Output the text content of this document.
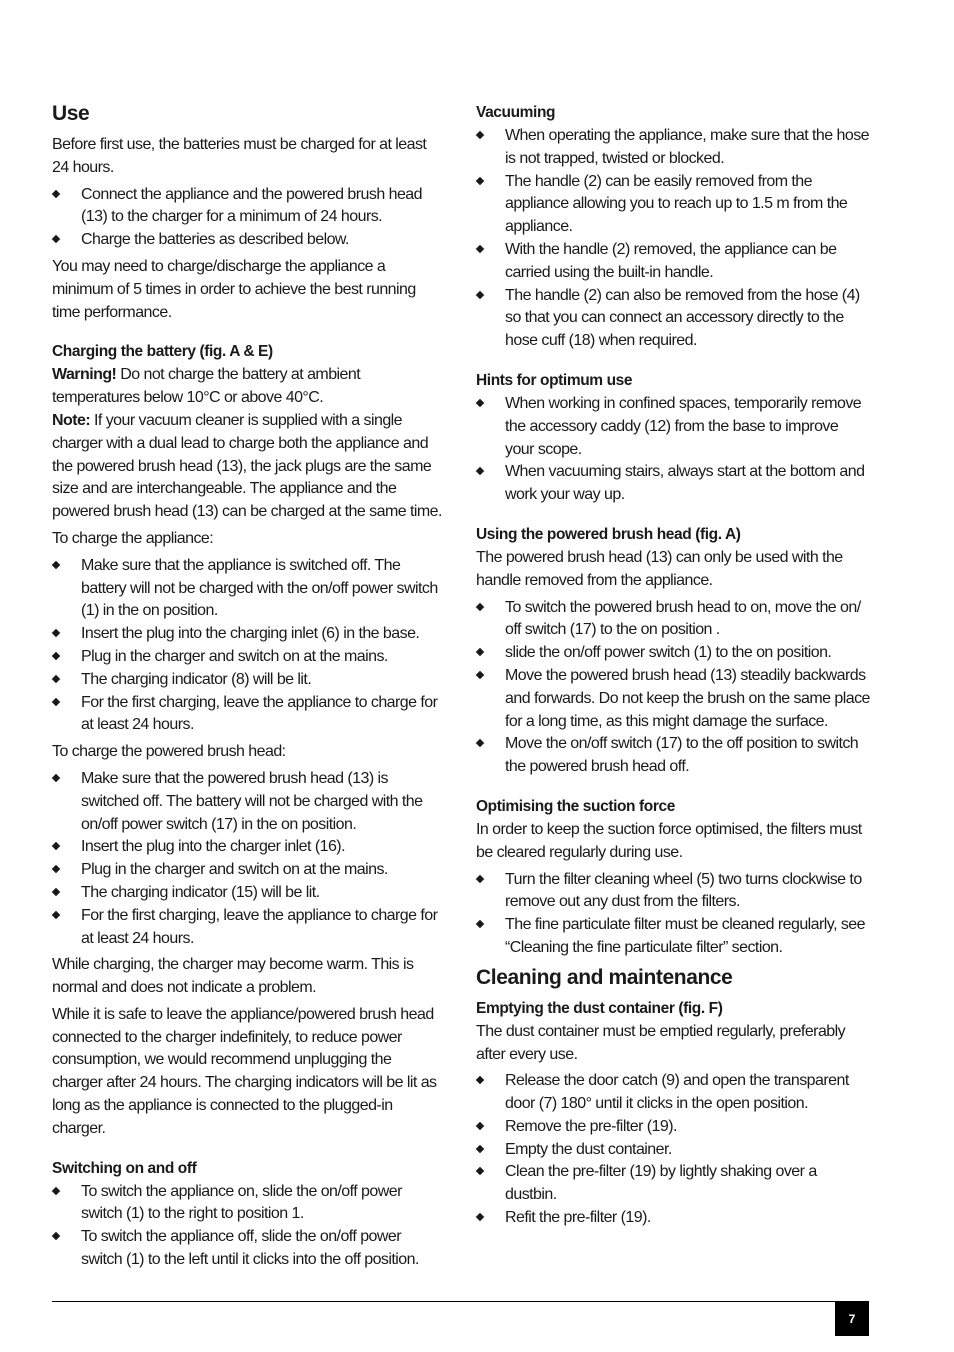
Use

Before first use, the batteries must be charged for at least 24 hours.

Connect the appliance and the powered brush head (13) to the charger for a minimum of 24 hours.
Charge the batteries as described below.

You may need to charge/discharge the appliance a minimum of 5 times in order to achieve the best running time performance.

Charging the battery (fig. A & E)

Warning! Do not charge the battery at ambient temperatures below 10°C or above 40°C.

Note: If your vacuum cleaner is supplied with a single charger with a dual lead to charge both the appliance and the powered brush head (13), the jack plugs are the same size and are interchangeable. The appliance and the powered brush head (13) can be charged at the same time.

To charge the appliance:

Make sure that the appliance is switched off. The battery will not be charged with the on/off power switch (1) in the on position.
Insert the plug into the charging inlet (6) in the base.
Plug in the charger and switch on at the mains.
The charging indicator (8) will be lit.
For the first charging, leave the appliance to charge for at least 24 hours.

To charge the powered brush head:

Make sure that the powered brush head (13) is switched off. The battery will not be charged with the on/off power switch (17) in the on position.
Insert the plug into the charger inlet (16).
Plug in the charger and switch on at the mains.
The charging indicator (15) will be lit.
For the first charging, leave the appliance to charge for at least 24 hours.

While charging, the charger may become warm. This is normal and does not indicate a problem.

While it is safe to leave the appliance/powered brush head connected to the charger indefinitely, to reduce power consumption, we would recommend unplugging the charger after 24 hours. The charging indicators will be lit as long as the appliance is connected to the plugged-in charger.

Switching on and off
To switch the appliance on, slide the on/off power switch (1) to the right to position 1.
To switch the appliance off, slide the on/off power switch (1) to the left until it clicks into the off position.
Vacuuming
When operating the appliance, make sure that the hose is not trapped, twisted or blocked.
The handle (2) can be easily removed from the appliance allowing you to reach up to 1.5 m from the appliance.
With the handle (2) removed, the appliance can be carried using the built-in handle.
The handle (2) can also be removed from the hose (4) so that you can connect an accessory directly to the hose cuff (18) when required.
Hints for optimum use
When working in confined spaces, temporarily remove the accessory caddy (12) from the base to improve your scope.
When vacuuming stairs, always start at the bottom and work your way up.
Using the powered brush head (fig. A)

The powered brush head (13) can only be used with the handle removed from the appliance.

To switch the powered brush head to on, move the on/ off switch (17) to the on position .
slide the on/off power switch (1) to the on position.
Move the powered brush head (13) steadily backwards and forwards. Do not keep the brush on the same place for a long time, as this might damage the surface.
Move the on/off switch (17) to the off position to switch the powered brush head off.
Optimising the suction force

In order to keep the suction force optimised, the filters must be cleared regularly during use.

Turn the filter cleaning wheel (5) two turns clockwise to remove out any dust from the filters.
The fine particulate filter must be cleaned regularly, see “Cleaning the fine particulate filter” section.
Cleaning and maintenance
Emptying the dust container (fig. F)

The dust container must be emptied regularly, preferably after every use.

Release the door catch (9) and open the transparent door (7) 180° until it clicks in the open position.
Remove the pre-filter (19).
Empty the dust container.
Clean the pre-filter (19) by lightly shaking over a dustbin.
Refit the pre-filter (19).
7
